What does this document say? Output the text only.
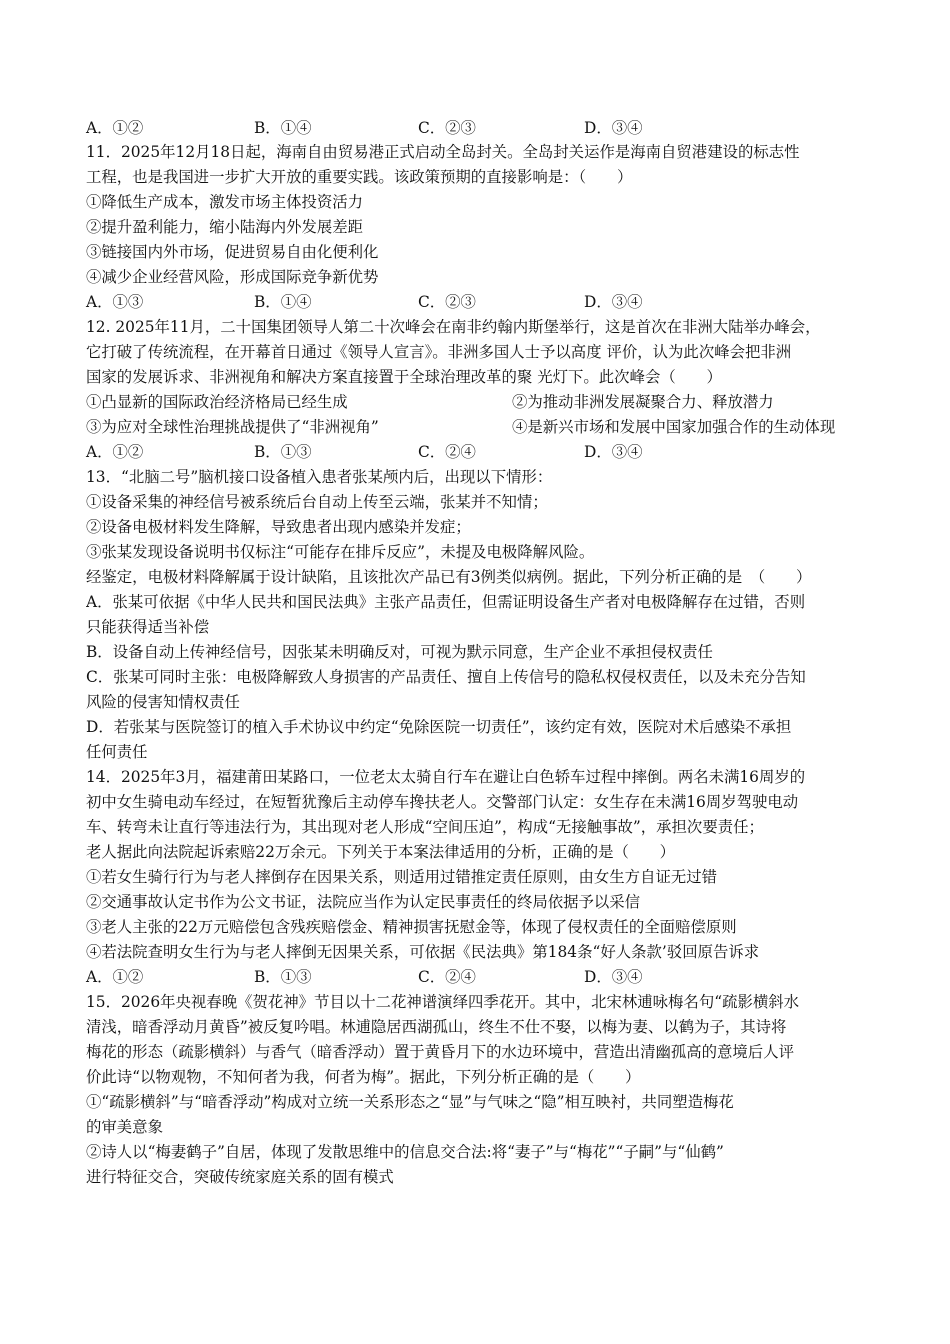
A．①②	B．①④	C．②③	D．③④
11．2025年12月18日起，海南自由贸易港正式启动全岛封关。全岛封关运作是海南自贸港建设的标志性
工程，也是我国进一步扩大开放的重要实践。该政策预期的直接影响是：（　　）
①降低生产成本，激发市场主体投资活力
②提升盈利能力，缩小陆海内外发展差距
③链接国内外市场，促进贸易自由化便利化
④减少企业经营风险，形成国际竞争新优势
A．①③	B．①④	C．②③	D．③④
12. 2025年11月，二十国集团领导人第二十次峰会在南非约翰内斯堡举行，这是首次在非洲大陆举办峰会，
它打破了传统流程，在开幕首日通过《领导人宣言》。非洲多国人士予以高度 评价，认为此次峰会把非洲
国家的发展诉求、非洲视角和解决方案直接置于全球治理改革的聚 光灯下。此次峰会（　　）
①凸显新的国际政治经济格局已经生成	②为推动非洲发展凝聚合力、释放潜力
③为应对全球性治理挑战提供了“非洲视角”	④是新兴市场和发展中国家加强合作的生动体现
A．①②	B．①③	C．②④	D．③④
13．“北脑二号”脑机接口设备植入患者张某颅内后，出现以下情形：
①设备采集的神经信号被系统后台自动上传至云端，张某并不知情；
②设备电极材料发生降解，导致患者出现内感染并发症；
③张某发现设备说明书仅标注“可能存在排斥反应”，未提及电极降解风险。
经鉴定，电极材料降解属于设计缺陷，且该批次产品已有3例类似病例。据此，下列分析正确的是　（　　）
A．张某可依据《中华人民共和国民法典》主张产品责任，但需证明设备生产者对电极降解存在过错，否则
只能获得适当补偿
B．设备自动上传神经信号，因张某未明确反对，可视为默示同意，生产企业不承担侵权责任
C．张某可同时主张：电极降解致人身损害的产品责任、擅自上传信号的隐私权侵权责任，以及未充分告知
风险的侵害知情权责任
D．若张某与医院签订的植入手术协议中约定“免除医院一切责任”，该约定有效，医院对术后感染不承担
任何责任
14．2025年3月，福建莆田某路口，一位老太太骑自行车在避让白色轿车过程中摔倒。两名未满16周岁的
初中女生骑电动车经过，在短暂犹豫后主动停车搀扶老人。交警部门认定：女生存在未满16周岁驾驶电动
车、转弯未让直行等违法行为，其出现对老人形成“空间压迫”，构成“无接触事故”，承担次要责任；
老人据此向法院起诉索赔22万余元。下列关于本案法律适用的分析，正确的是（　　）
①若女生骑行行为与老人摔倒存在因果关系，则适用过错推定责任原则，由女生方自证无过错
②交通事故认定书作为公文书证，法院应当作为认定民事责任的终局依据予以采信
③老人主张的22万元赔偿包含残疾赔偿金、精神损害抚慰金等，体现了侵权责任的全面赔偿原则
④若法院查明女生行为与老人摔倒无因果关系，可依据《民法典》第184条“好人条款’驳回原告诉求
A．①②	B．①③	C．②④	D．③④
15．2026年央视春晚《贺花神》节目以十二花神谱演绎四季花开。其中，北宋林逋咏梅名句“疏影横斜水
清浅，暗香浮动月黄昏”被反复吟唱。林逋隐居西湖孤山，终生不仕不娶，以梅为妻、以鹤为子，其诗将
梅花的形态（疏影横斜）与香气（暗香浮动）置于黄昏月下的水边环境中，营造出清幽孤高的意境后人评
价此诗“以物观物，不知何者为我，何者为梅”。据此，下列分析正确的是（　　）
①“疏影横斜”与“暗香浮动”构成对立统一关系形态之“显”与气味之“隐”相互映衬，共同塑造梅花
的审美意象
②诗人以“梅妻鹤子”自居，体现了发散思维中的信息交合法:将“妻子”与“梅花”“子嗣”与“仙鹤”
进行特征交合，突破传统家庭关系的固有模式
